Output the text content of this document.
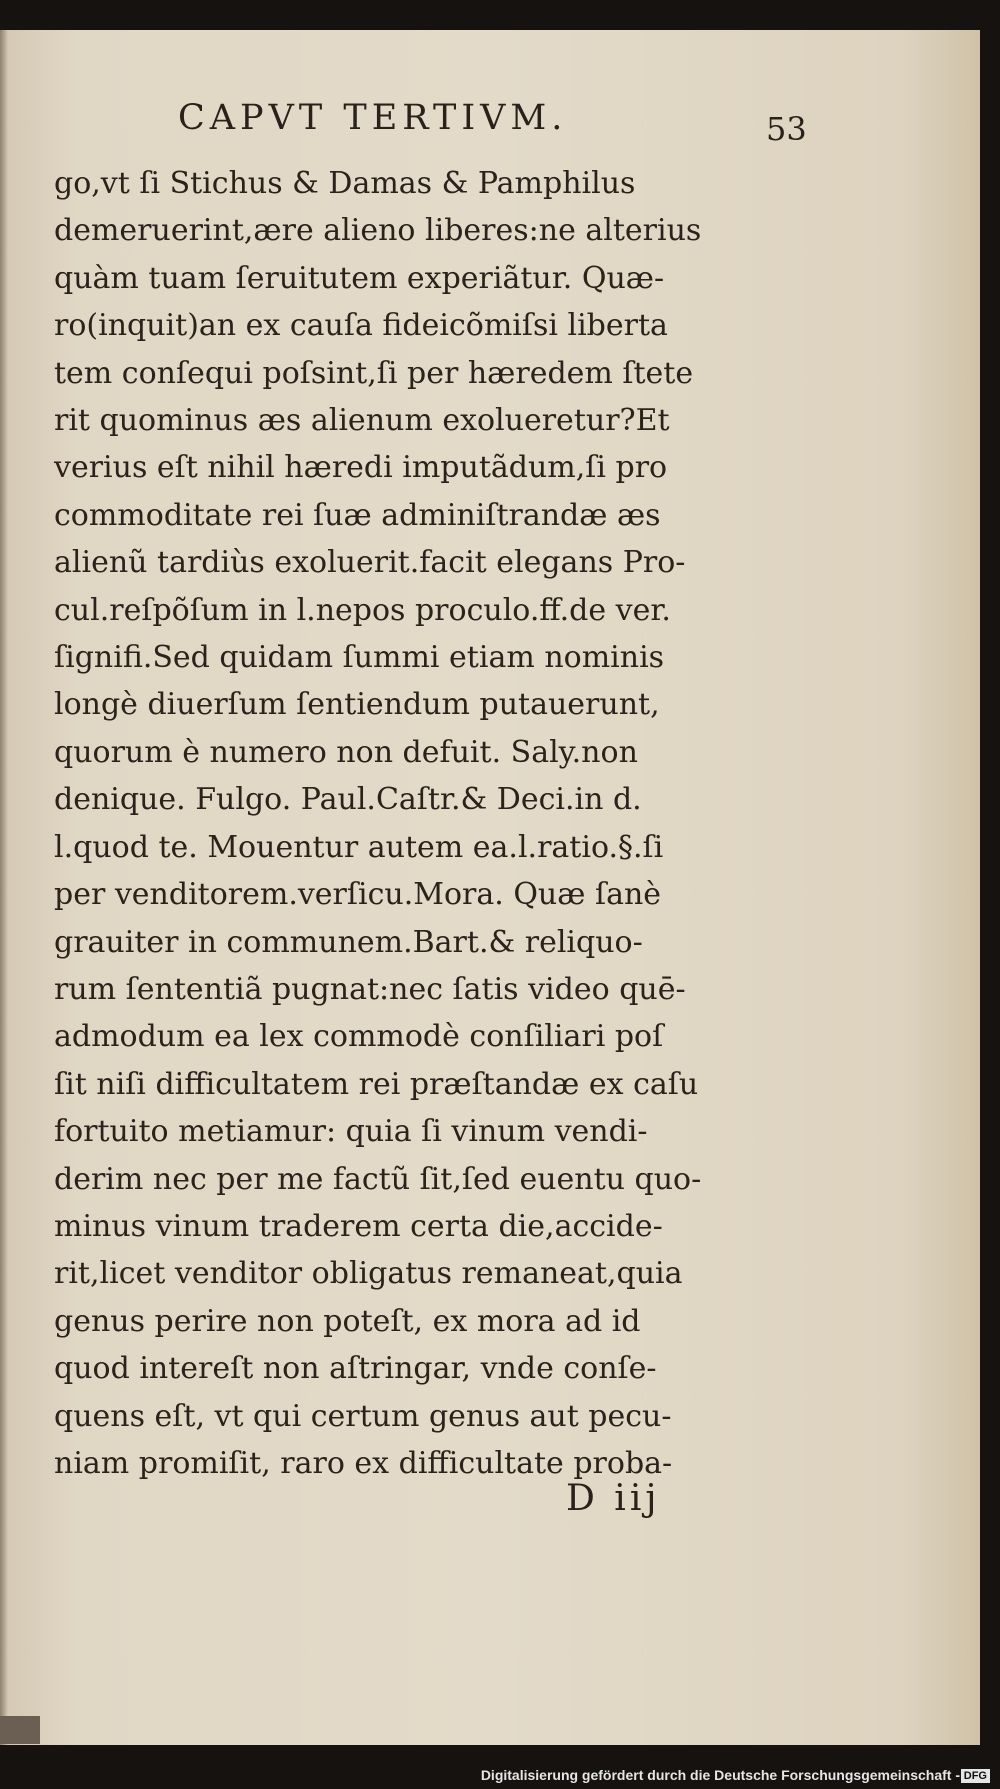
CAPVT TERTIVM.	53
go,vt ſi Stichus & Damas & Pamphilus
demeruerint,ære alieno liberes:ne alterius
quàm tuam ſeruitutem experiãtur. Quæ-
ro(inquit)an ex cauſa fideicõmiſsi liberta
tem conſequi poſsint,ſi per hæredem ſtete
rit quominus æs alienum exolueretur?Et
verius eſt nihil hæredi imputãdum,ſi pro
commoditate rei ſuæ adminiſtrandæ æs
alienũ tardiùs exoluerit.facit elegans Pro-
cul.reſpõſum in l.nepos proculo.ff.de ver.
ſignifi.Sed quidam ſummi etiam nominis
longè diuerſum ſentiendum putauerunt,
quorum è numero non defuit. Saly.non
denique. Fulgo. Paul.Caſtr.& Deci.in d.
l.quod te. Mouentur autem ea.l.ratio.§.ſi
per venditorem.verſicu.Mora. Quæ ſanè
grauiter in communem.Bart.& reliquo-
rum ſententiã pugnat:nec ſatis video quē-
admodum ea lex commodè conſiliari poſ
ſit niſi difficultatem rei præſtandæ ex caſu
fortuito metiamur: quia ſi vinum vendi-
derim nec per me factũ ſit,ſed euentu quo-
minus vinum traderem certa die,accide-
rit,licet venditor obligatus remaneat,quia
genus perire non poteſt, ex mora ad id
quod intereſt non aſtringar, vnde conſe-
quens eſt, vt qui certum genus aut pecu-
niam promiſit, raro ex difficultate proba-
D iij
Digitalisierung gefördert durch die Deutsche Forschungsgemeinschaft - DFG
